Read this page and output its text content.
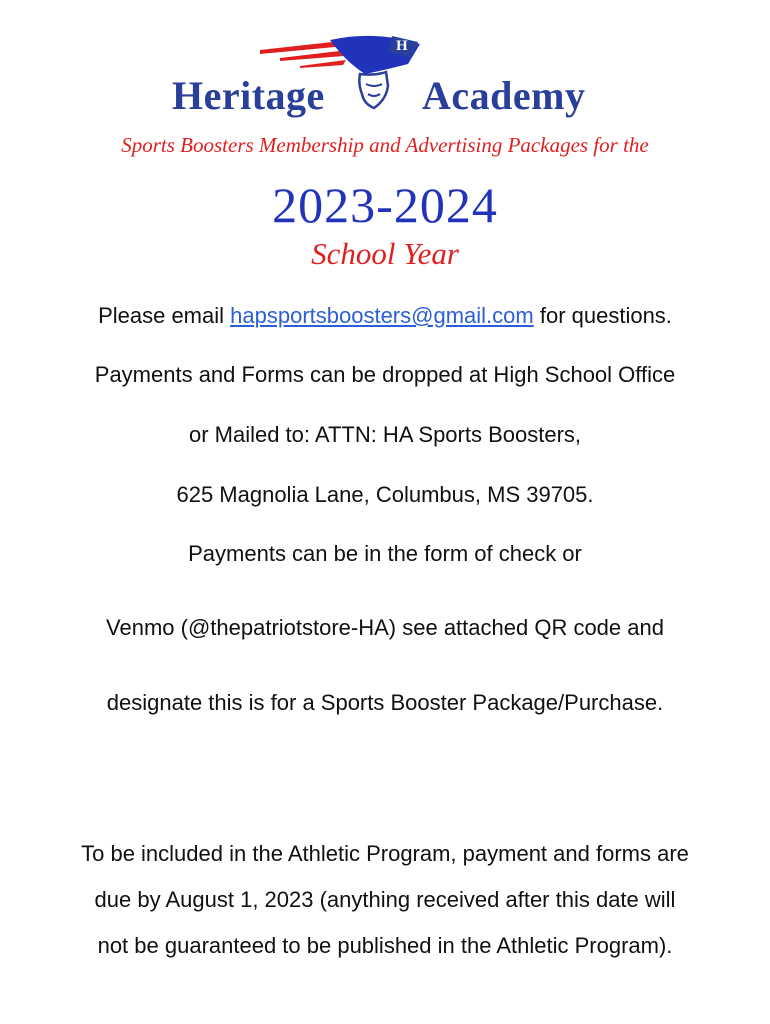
Heritage Academy
H
Sports Boosters Membership and Advertising Packages for the
2023-2024
School Year
Please email hapsportsboosters@gmail.com for questions.
Payments and Forms can be dropped at High School Office
or Mailed to: ATTN: HA Sports Boosters,
625 Magnolia Lane, Columbus, MS 39705.
Payments can be in the form of check or
Venmo (@thepatriotstore-HA) see attached QR code and
designate this is for a Sports Booster Package/Purchase.
To be included in the Athletic Program, payment and forms are
due by August 1, 2023 (anything received after this date will
not be guaranteed to be published in the Athletic Program).
